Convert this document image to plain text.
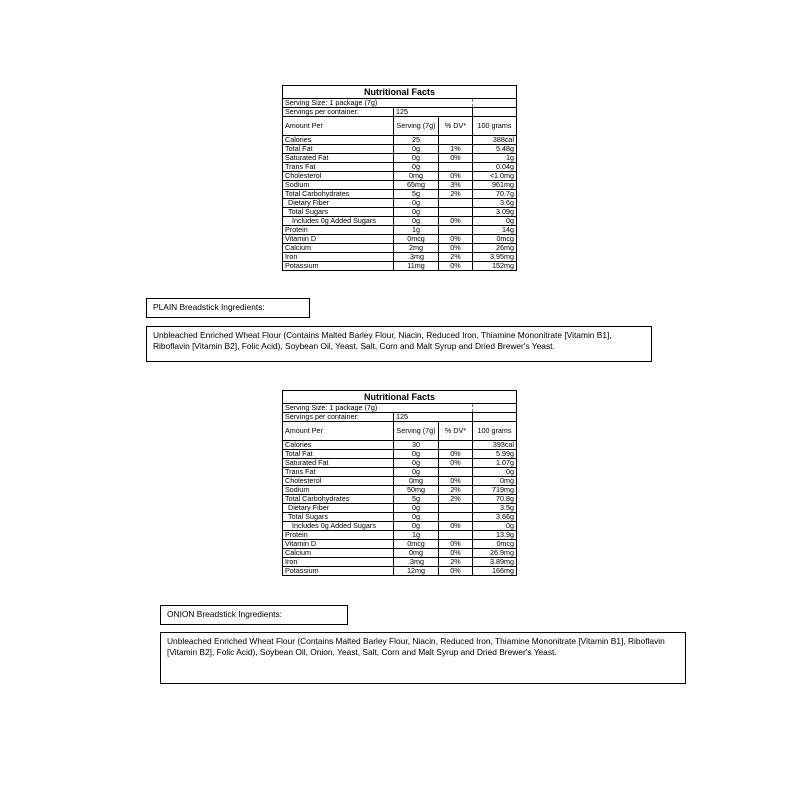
Nutritional Facts			
Serving Size: 1 package (7g)			
Servings per container:	125		
Amount Per	Serving (7g)	% DV*	100 grams
Calories	25		388cal
Total Fat	0g	1%	5.48g
Saturated Fat	0g	0%	1g
Trans Fat	0g		0.04g
Cholesterol	0mg	0%	<1.0mg
Sodium	65mg	3%	961mg
Total Carbohydrates	5g	2%	70.7g
Dietary Fiber	0g		3.6g
Total Sugars	0g		3.09g
Includes 0g Added Sugars	0g	0%	0g
Protein	1g		14g
Vitamin D	0mcg	0%	0mcg
Calcium	2mg	0%	26mg
Iron	.3mg	2%	3.95mg
Potassium	11mg	0%	152mg
PLAIN Breadstick Ingredients:
Unbleached Enriched Wheat Flour (Contains Malted Barley Flour, Niacin, Reduced Iron, Thiamine Mononitrate [Vitamin B1], Riboflavin [Vitamin B2], Folic Acid), Soybean Oil, Yeast, Salt, Corn and Malt Syrup and Dried Brewer's Yeast.
Nutritional Facts			
Serving Size: 1 package (7g)			
Servings per container:	125		
Amount Per	Serving (7g)	% DV*	100 grams
Calories	30		393cal
Total Fat	0g	0%	5.99g
Saturated Fat	0g	0%	1.07g
Trans Fat	0g		0g
Cholesterol	0mg	0%	0mg
Sodium	50mg	2%	719mg
Total Carbohydrates	5g	2%	70.8g
Dietary Fiber	0g		3.5g
Total Sugars	0g		3.66g
Includes 0g Added Sugars	0g	0%	0g
Protein	1g		13.9g
Vitamin D	0mcg	0%	0mcg
Calcium	0mg	0%	26.9mg
Iron	.3mg	2%	3.89mg
Potassium	12mg	0%	166mg
ONION Breadstick Ingredients:
Unbleached Enriched Wheat Flour (Contains Malted Barley Flour, Niacin, Reduced Iron, Thiamine Mononitrate [Vitamin B1], Riboflavin [Vitamin B2], Folic Acid), Soybean Oil, Onion, Yeast, Salt, Corn and Malt Syrup and Dried Brewer's Yeast.
